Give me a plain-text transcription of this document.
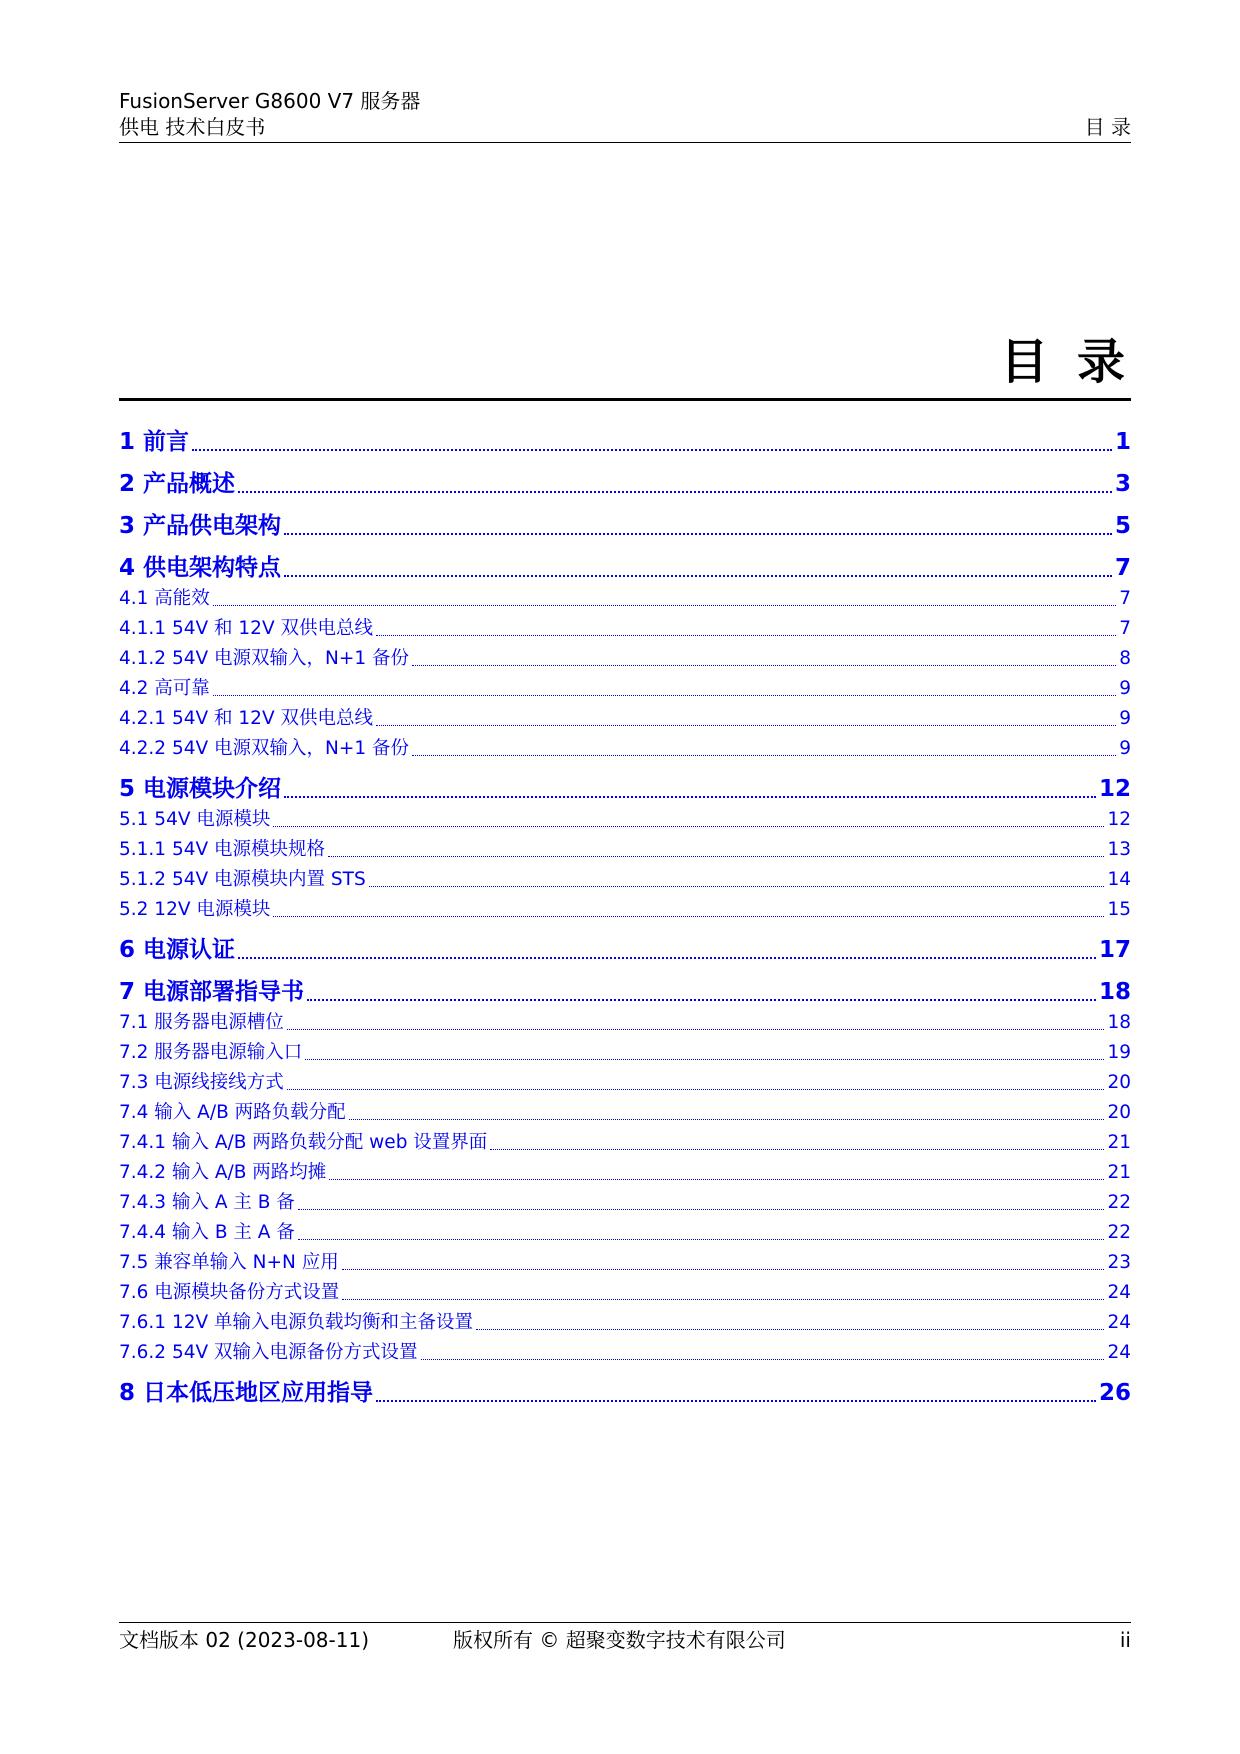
FusionServer G8600 V7 服务器
供电 技术白皮书	目 录
目 录
1 前言	1
2 产品概述	3
3 产品供电架构	5
4 供电架构特点	7
4.1 高能效	7
4.1.1 54V 和 12V 双供电总线	7
4.1.2 54V 电源双输入，N+1 备份	8
4.2 高可靠	9
4.2.1 54V 和 12V 双供电总线	9
4.2.2 54V 电源双输入，N+1 备份	9
5 电源模块介绍	12
5.1 54V 电源模块	12
5.1.1 54V 电源模块规格	13
5.1.2 54V 电源模块内置 STS	14
5.2 12V 电源模块	15
6 电源认证	17
7 电源部署指导书	18
7.1 服务器电源槽位	18
7.2 服务器电源输入口	19
7.3 电源线接线方式	20
7.4 输入 A/B 两路负载分配	20
7.4.1 输入 A/B 两路负载分配 web 设置界面	21
7.4.2 输入 A/B 两路均摊	21
7.4.3 输入 A 主 B 备	22
7.4.4 输入 B 主 A 备	22
7.5 兼容单输入 N+N 应用	23
7.6 电源模块备份方式设置	24
7.6.1 12V 单输入电源负载均衡和主备设置	24
7.6.2 54V 双输入电源备份方式设置	24
8 日本低压地区应用指导	26
文档版本 02 (2023-08-11)	版权所有 © 超聚变数字技术有限公司	ii
